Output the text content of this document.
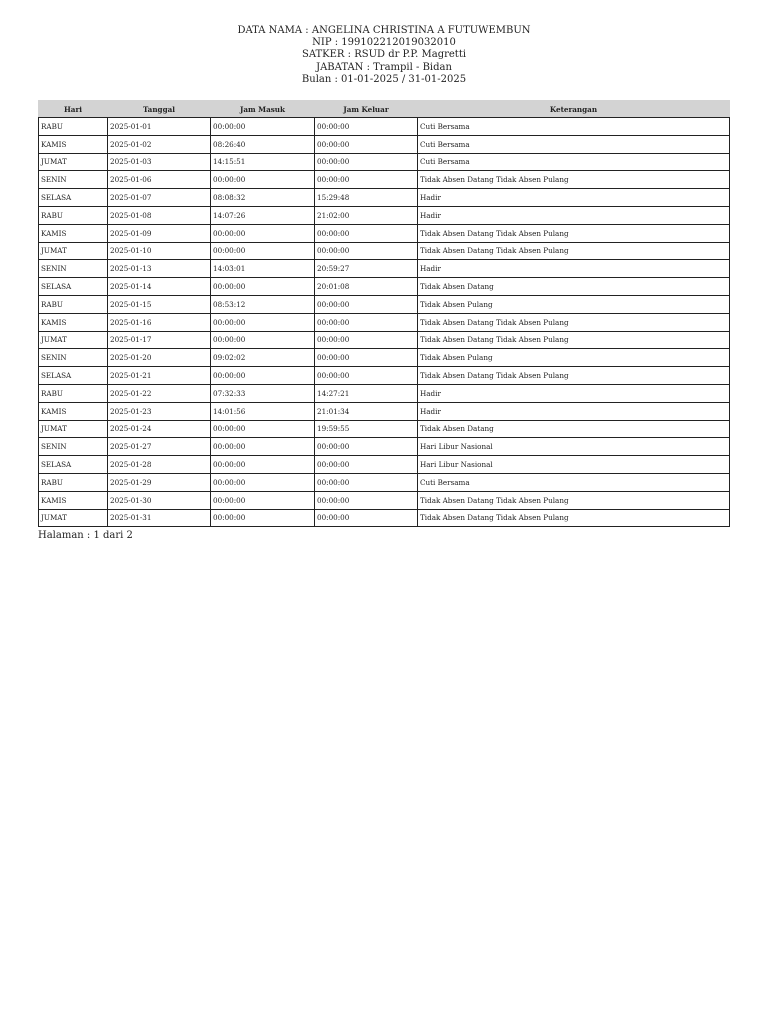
DATA NAMA : ANGELINA CHRISTINA A FUTUWEMBUN
NIP : 199102212019032010
SATKER : RSUD dr P.P. Magretti
JABATAN : Trampil - Bidan
Bulan : 01-01-2025 / 31-01-2025
Hari	Tanggal	Jam Masuk	Jam Keluar	Keterangan
RABU	2025-01-01	00:00:00	00:00:00	Cuti Bersama
KAMIS	2025-01-02	08:26:40	00:00:00	Cuti Bersama
JUMAT	2025-01-03	14:15:51	00:00:00	Cuti Bersama
SENIN	2025-01-06	00:00:00	00:00:00	Tidak Absen Datang Tidak Absen Pulang
SELASA	2025-01-07	08:08:32	15:29:48	Hadir
RABU	2025-01-08	14:07:26	21:02:00	Hadir
KAMIS	2025-01-09	00:00:00	00:00:00	Tidak Absen Datang Tidak Absen Pulang
JUMAT	2025-01-10	00:00:00	00:00:00	Tidak Absen Datang Tidak Absen Pulang
SENIN	2025-01-13	14:03:01	20:59:27	Hadir
SELASA	2025-01-14	00:00:00	20:01:08	Tidak Absen Datang
RABU	2025-01-15	08:53:12	00:00:00	Tidak Absen Pulang
KAMIS	2025-01-16	00:00:00	00:00:00	Tidak Absen Datang Tidak Absen Pulang
JUMAT	2025-01-17	00:00:00	00:00:00	Tidak Absen Datang Tidak Absen Pulang
SENIN	2025-01-20	09:02:02	00:00:00	Tidak Absen Pulang
SELASA	2025-01-21	00:00:00	00:00:00	Tidak Absen Datang Tidak Absen Pulang
RABU	2025-01-22	07:32:33	14:27:21	Hadir
KAMIS	2025-01-23	14:01:56	21:01:34	Hadir
JUMAT	2025-01-24	00:00:00	19:59:55	Tidak Absen Datang
SENIN	2025-01-27	00:00:00	00:00:00	Hari Libur Nasional
SELASA	2025-01-28	00:00:00	00:00:00	Hari Libur Nasional
RABU	2025-01-29	00:00:00	00:00:00	Cuti Bersama
KAMIS	2025-01-30	00:00:00	00:00:00	Tidak Absen Datang Tidak Absen Pulang
JUMAT	2025-01-31	00:00:00	00:00:00	Tidak Absen Datang Tidak Absen Pulang
Halaman : 1 dari 2
